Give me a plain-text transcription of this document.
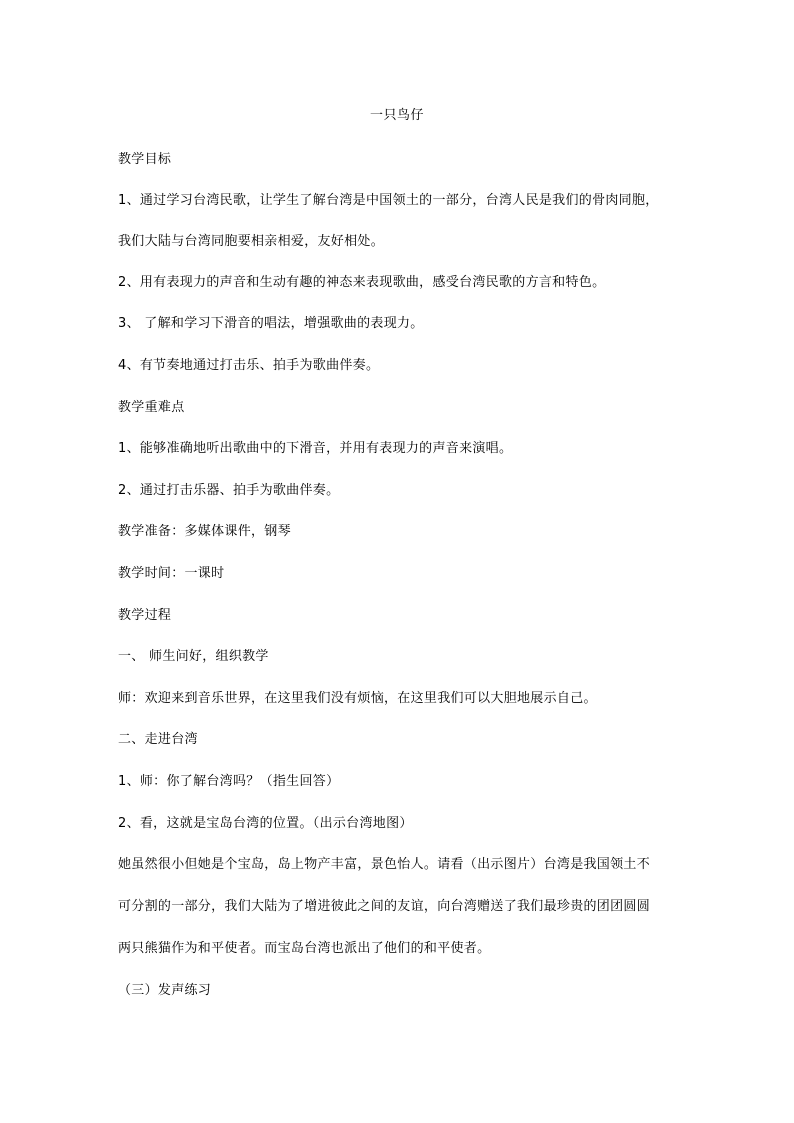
一只鸟仔
教学目标
1、通过学习台湾民歌，让学生了解台湾是中国领土的一部分，台湾人民是我们的骨肉同胞，
我们大陆与台湾同胞要相亲相爱，友好相处。
2、用有表现力的声音和生动有趣的神态来表现歌曲，感受台湾民歌的方言和特色。
3、 了解和学习下滑音的唱法，增强歌曲的表现力。
4、有节奏地通过打击乐、拍手为歌曲伴奏。
教学重难点
1、能够准确地听出歌曲中的下滑音，并用有表现力的声音来演唱。
2、通过打击乐器、拍手为歌曲伴奏。
教学准备：多媒体课件，钢琴
教学时间：一课时
教学过程
一、 师生问好，组织教学
师：欢迎来到音乐世界，在这里我们没有烦恼，在这里我们可以大胆地展示自己。
二、走进台湾
1、师：你了解台湾吗？（指生回答）
2、看，这就是宝岛台湾的位置。（出示台湾地图）
她虽然很小但她是个宝岛，岛上物产丰富，景色怡人。请看（出示图片）台湾是我国领土不
可分割的一部分，我们大陆为了增进彼此之间的友谊，向台湾赠送了我们最珍贵的团团圆圆
两只熊猫作为和平使者。而宝岛台湾也派出了他们的和平使者。
（三）发声练习
